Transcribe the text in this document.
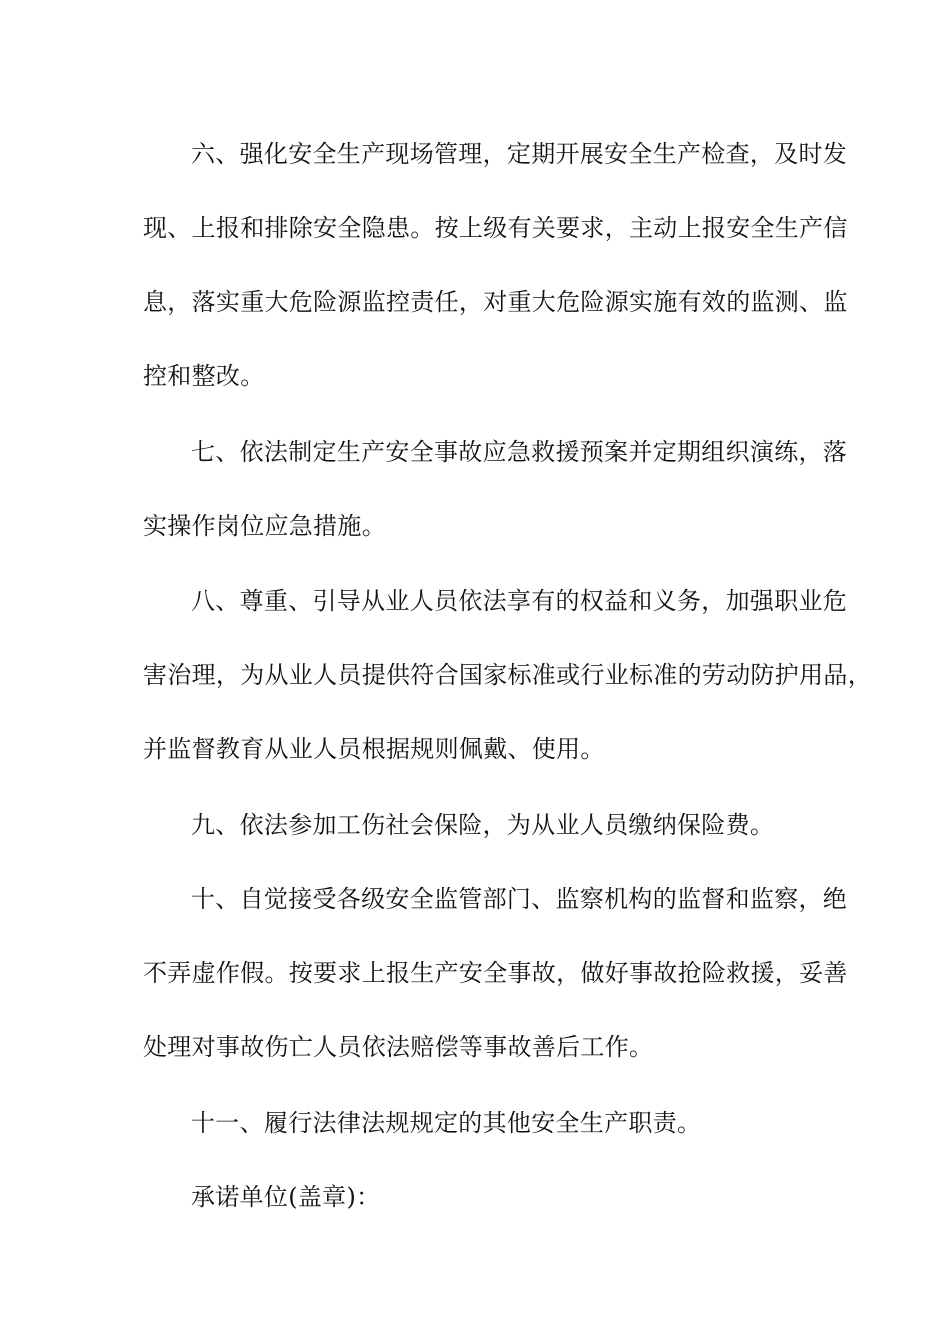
六、强化安全生产现场管理，定期开展安全生产检查，及时发
现、上报和排除安全隐患。按上级有关要求，主动上报安全生产信
息，落实重大危险源监控责任，对重大危险源实施有效的监测、监
控和整改。
七、依法制定生产安全事故应急救援预案并定期组织演练，落
实操作岗位应急措施。
八、尊重、引导从业人员依法享有的权益和义务，加强职业危
害治理，为从业人员提供符合国家标准或行业标准的劳动防护用品，
并监督教育从业人员根据规则佩戴、使用。
九、依法参加工伤社会保险，为从业人员缴纳保险费。
十、自觉接受各级安全监管部门、监察机构的监督和监察，绝
不弄虚作假。按要求上报生产安全事故，做好事故抢险救援，妥善
处理对事故伤亡人员依法赔偿等事故善后工作。
十一、履行法律法规规定的其他安全生产职责。
承诺单位(盖章)：
